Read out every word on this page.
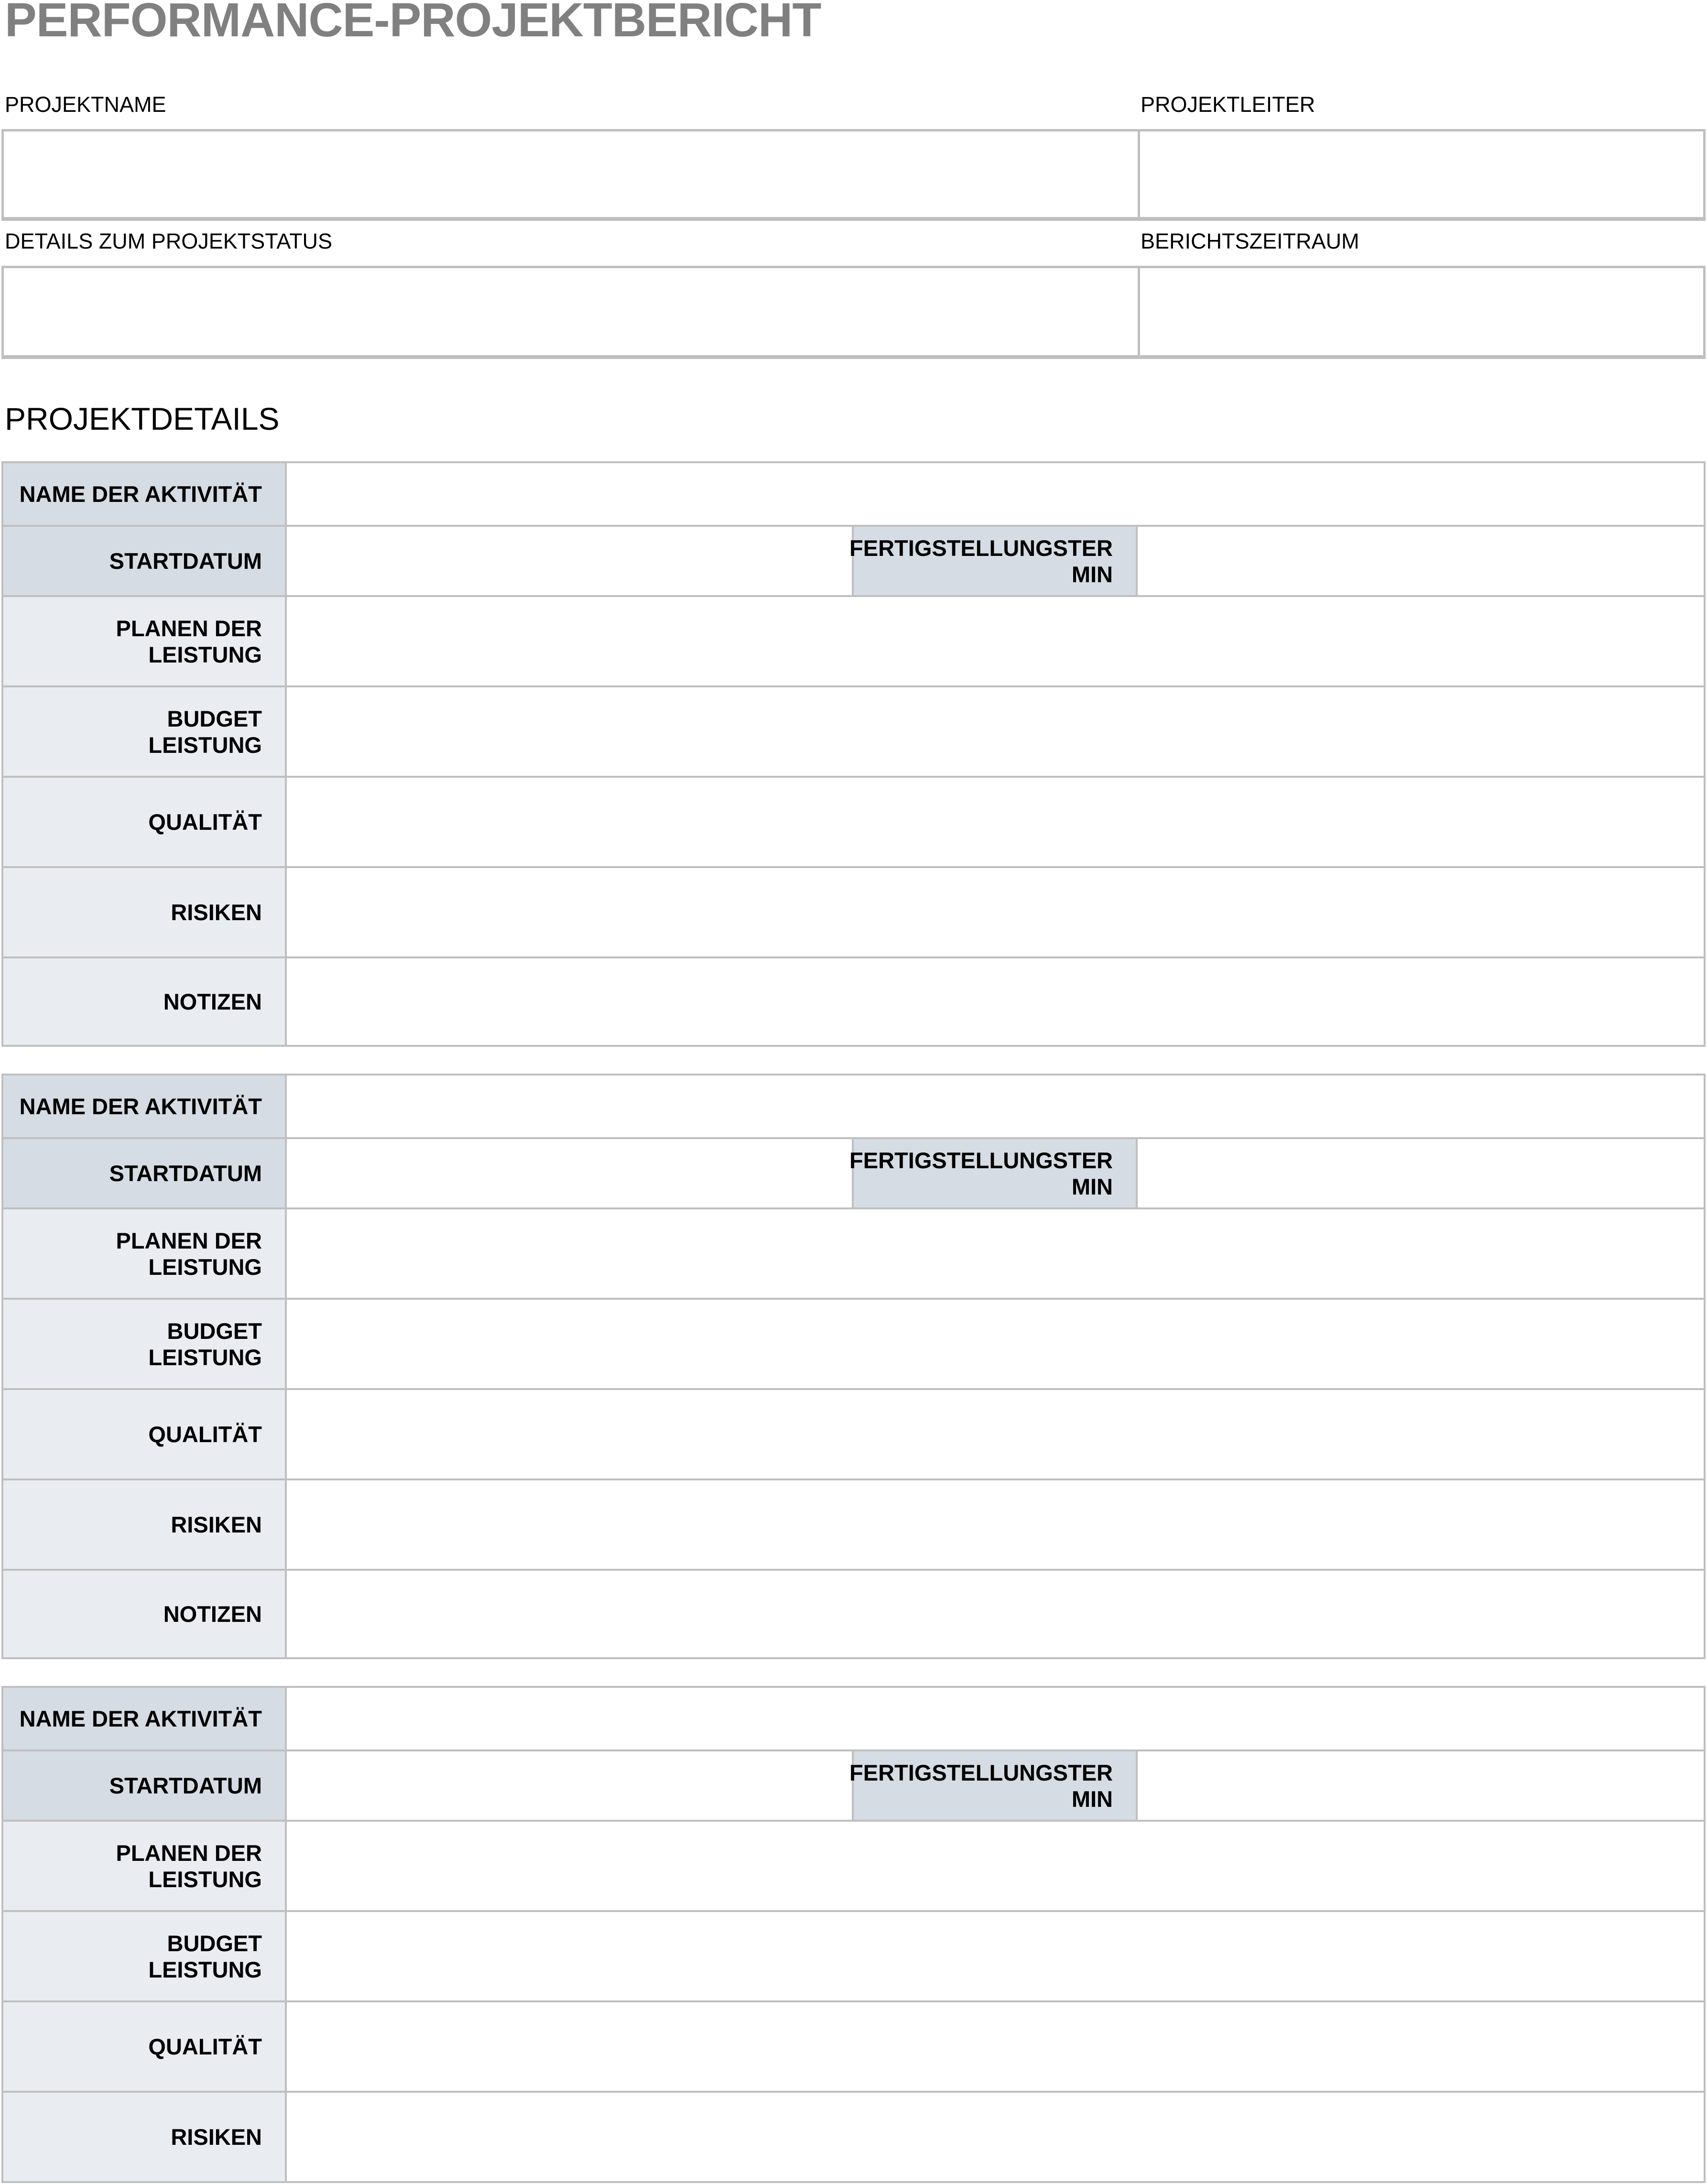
PERFORMANCE-PROJEKTBERICHT
PROJEKTNAME	PROJEKTLEITER
DETAILS ZUM PROJEKTSTATUS	BERICHTSZEITRAUM
PROJEKTDETAILS
NAME DER AKTIVITÄT
STARTDATUM
FERTIGSTELLUNGSTER
MIN
PLANEN DER LEISTUNG
BUDGET
LEISTUNG
QUALITÄT
RISIKEN
NOTIZEN
NAME DER AKTIVITÄT
STARTDATUM
FERTIGSTELLUNGSTER
MIN
PLANEN DER LEISTUNG
BUDGET
LEISTUNG
QUALITÄT
RISIKEN
NOTIZEN
NAME DER AKTIVITÄT
STARTDATUM
FERTIGSTELLUNGSTER
MIN
PLANEN DER LEISTUNG
BUDGET
LEISTUNG
QUALITÄT
RISIKEN
